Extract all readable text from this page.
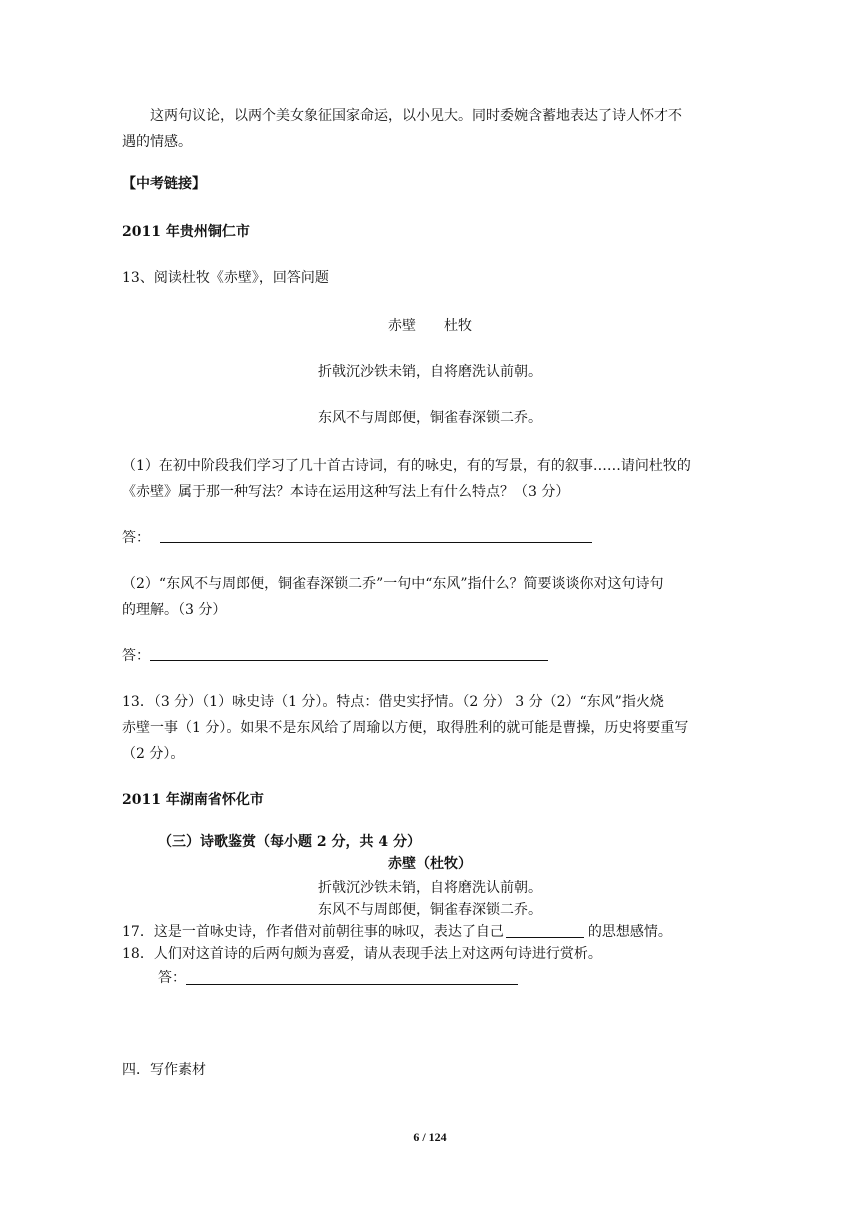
这两句议论，以两个美女象征国家命运，以小见大。同时委婉含蓄地表达了诗人怀才不
遇的情感。
【中考链接】
2011 年贵州铜仁市
13、阅读杜牧《赤壁》，回答问题
赤壁　　杜牧
折戟沉沙铁未销，自将磨洗认前朝。
东风不与周郎便，铜雀春深锁二乔。
（1）在初中阶段我们学习了几十首古诗词，有的咏史，有的写景，有的叙事……请问杜牧的
《赤壁》属于那一种写法？本诗在运用这种写法上有什么特点？（3 分）
答：
（2）“东风不与周郎便，铜雀春深锁二乔”一句中“东风”指什么？简要谈谈你对这句诗句
的理解。（3 分）
答：
13．（3 分）（1）咏史诗（1 分）。特点：借史实抒情。（2 分） 3 分（2）“东风”指火烧
赤壁一事（1 分）。如果不是东风给了周瑜以方便，取得胜利的就可能是曹操，历史将要重写
（2 分）。
2011 年湖南省怀化市
（三）诗歌鉴赏（每小题 2 分，共 4 分）
赤壁（杜牧）
折戟沉沙铁未销，自将磨洗认前朝。
东风不与周郎便，铜雀春深锁二乔。
17．这是一首咏史诗，作者借对前朝往事的咏叹，表达了自己	的思想感情。
18．人们对这首诗的后两句颇为喜爱，请从表现手法上对这两句诗进行赏析。
答：
四．写作素材
6 / 124
